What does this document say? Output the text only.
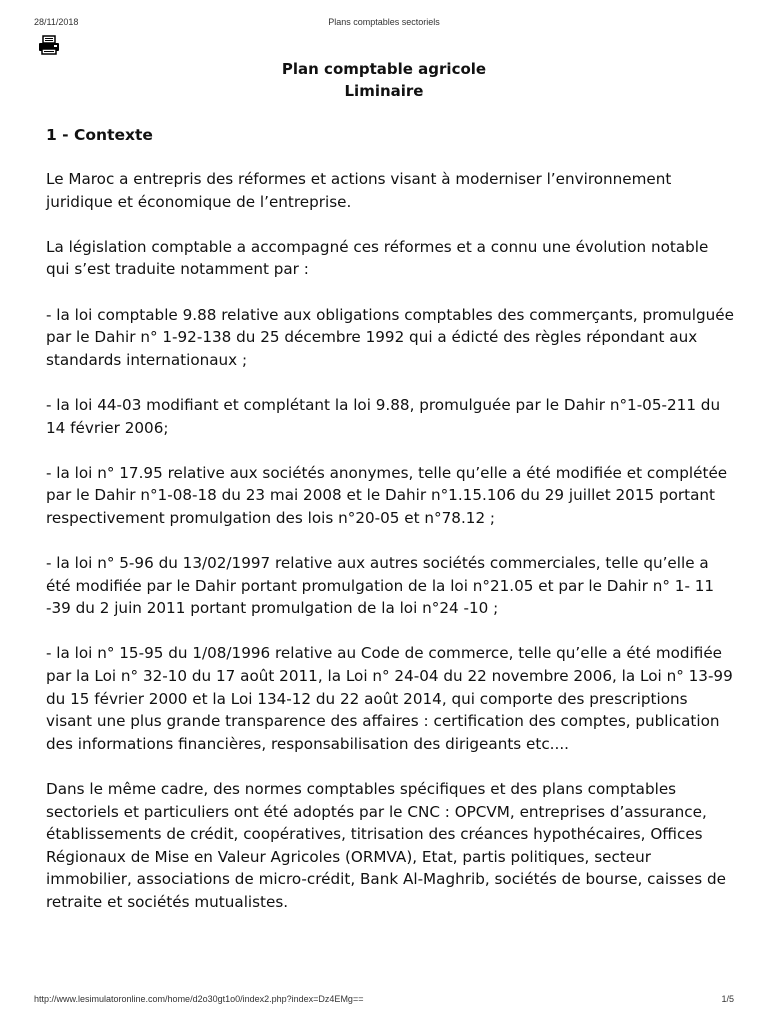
28/11/2018	Plans comptables sectoriels
Plan comptable agricole
Liminaire
1 - Contexte

Le Maroc a entrepris des réformes et actions visant à moderniser l’environnement juridique et économique de l’entreprise.

La législation comptable a accompagné ces réformes et a connu une évolution notable qui s’est traduite notamment par :

- la loi comptable 9.88 relative aux obligations comptables des commerçants, promulguée par le Dahir n° 1-92-138 du 25 décembre 1992 qui a édicté des règles répondant aux standards internationaux ;

- la loi 44-03 modifiant et complétant la loi 9.88, promulguée par le Dahir n°1-05-211 du 14 février 2006;

- la loi n° 17.95 relative aux sociétés anonymes, telle qu’elle a été modifiée et complétée par le Dahir n°1-08-18 du 23 mai 2008 et le Dahir n°1.15.106 du 29 juillet 2015 portant respectivement promulgation des lois n°20-05 et n°78.12 ;

- la loi n° 5-96 du 13/02/1997 relative aux autres sociétés commerciales, telle qu’elle a été modifiée par le Dahir portant promulgation de la loi n°21.05 et par le Dahir n° 1- 11 -39 du 2 juin 2011 portant promulgation de la loi n°24 -10 ;

- la loi n° 15-95 du 1/08/1996 relative au Code de commerce, telle qu’elle a été modifiée par la Loi n° 32-10 du 17 août 2011, la Loi n° 24-04 du 22 novembre 2006, la Loi n° 13-99 du 15 février 2000 et la Loi 134-12 du 22 août 2014, qui comporte des prescriptions visant une plus grande transparence des affaires : certification des comptes, publication des informations financières, responsabilisation des dirigeants etc....

Dans le même cadre, des normes comptables spécifiques et des plans comptables sectoriels et particuliers ont été adoptés par le CNC : OPCVM, entreprises d’assurance, établissements de crédit, coopératives, titrisation des créances hypothécaires, Offices Régionaux de Mise en Valeur Agricoles (ORMVA), Etat, partis politiques, secteur immobilier, associations de micro-crédit, Bank Al-Maghrib, sociétés de bourse, caisses de retraite et sociétés mutualistes.

http://www.lesimulatoronline.com/home/d2o30gt1o0/index2.php?index=Dz4EMg==	1/5
